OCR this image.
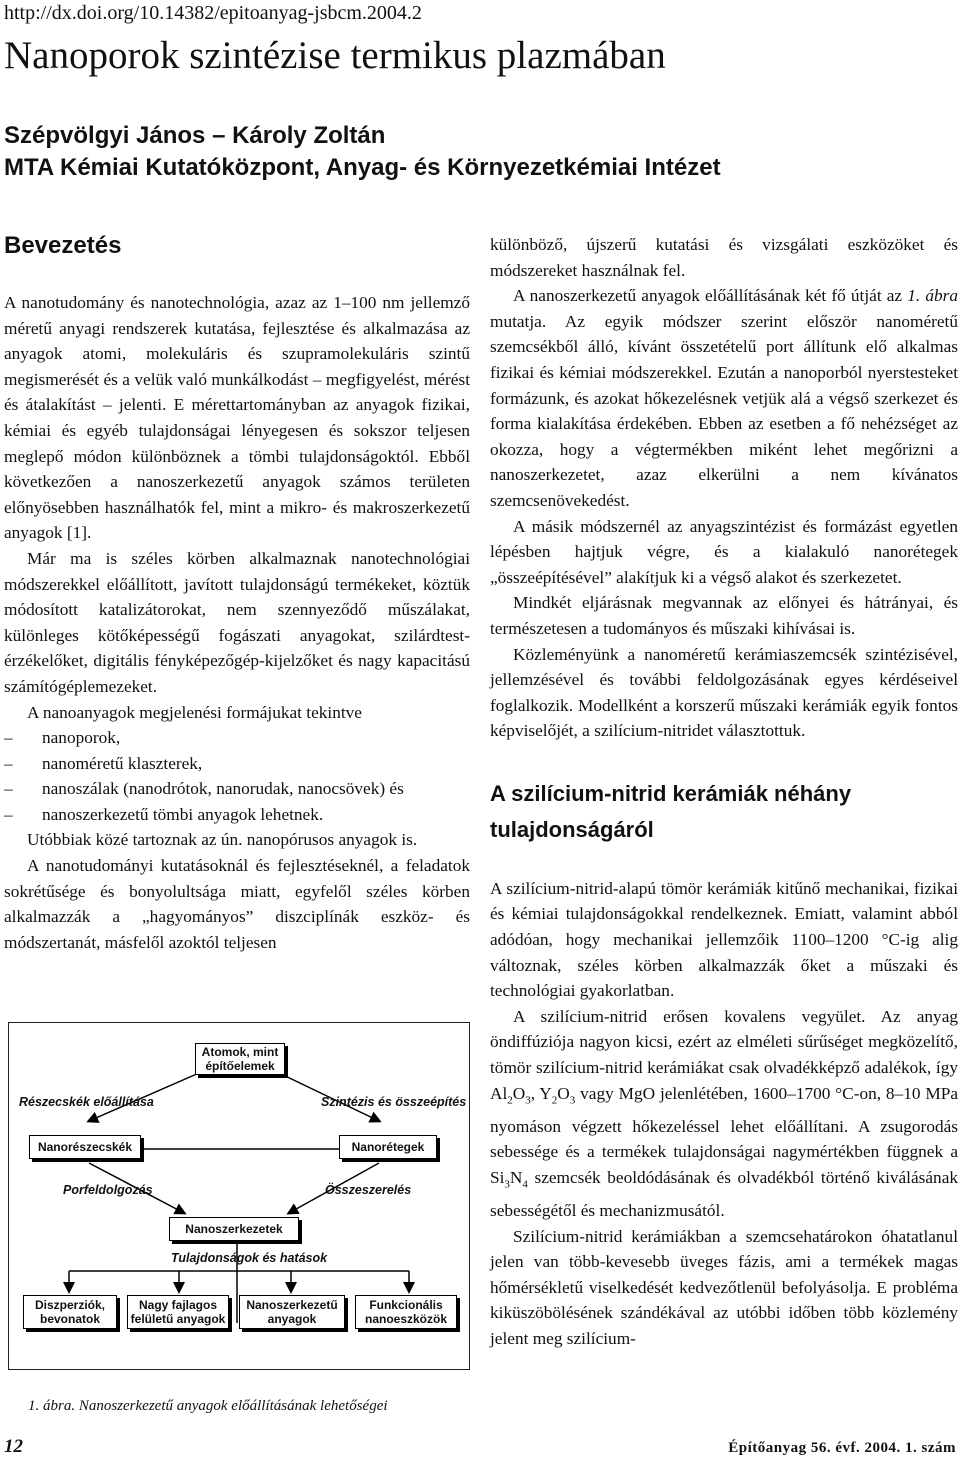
http://dx.doi.org/10.14382/epitoanyag-jsbcm.2004.2
Nanoporok szintézise termikus plazmában
Szépvölgyi János – Károly Zoltán
MTA Kémiai Kutatóközpont, Anyag- és Környezetkémiai Intézet
Bevezetés

A nanotudomány és nanotechnológia, azaz az 1–100 nm jellemző méretű anyagi rendszerek kutatása, fejlesztése és alkalmazása az anyagok atomi, molekuláris és szupramolekuláris szintű megismerését és a velük való munkálkodást – megfigyelést, mérést és átalakítást – jelenti. E mérettartományban az anyagok fizikai, kémiai és egyéb tulajdonságai lényegesen és sokszor teljesen meglepő módon különböznek a tömbi tulajdonságoktól. Ebből következően a nanoszerkezetű anyagok számos területen előnyösebben használhatók fel, mint a mikro- és makroszerkezetű anyagok [1].

Már ma is széles körben alkalmaznak nanotechnológiai módszerekkel előállított, javított tulajdonságú termékeket, köztük módosított katalizátorokat, nem szennyeződő műszálakat, különleges kötőképességű fogászati anyagokat, szilárdtest-érzékelőket, digitális fényképezőgép-kijelzőket és nagy kapacitású számítógéplemezeket.

A nanoanyagok megjelenési formájukat tekintve

–	nanoporok,
–	nanoméretű klaszterek,
–	nanoszálak (nanodrótok, nanorudak, nanocsövek) és
–	nanoszerkezetű tömbi anyagok lehetnek.

Utóbbiak közé tartoznak az ún. nanopórusos anyagok is.

A nanotudományi kutatásoknál és fejlesztéseknél, a feladatok sokrétűsége és bonyolultsága miatt, egyfelől széles körben alkalmazzák a „hagyományos” diszciplínák eszköz- és módszertanát, másfelől azoktól teljesen

Atomok, mint építőelemek
Részecskék előállítása	Szintézis és összeépítés
Nanorészecskék	Nanorétegek
Porfeldolgozás	Összeszerelés
Nanoszerkezetek
Tulajdonságok és hatások
Diszperziók, bevonatok
Nagy fajlagos felületű anyagok
Nanoszerkezetű anyagok
Funkcionális nanoeszközök
1. ábra. Nanoszerkezetű anyagok előállításának lehetőségei

különböző, újszerű kutatási és vizsgálati eszközöket és módszereket használnak fel.

A nanoszerkezetű anyagok előállításának két fő útját az 1. ábra mutatja. Az egyik módszer szerint először nanoméretű szemcsékből álló, kívánt összetételű port állítunk elő alkalmas fizikai és kémiai módszerekkel. Ezután a nanoporból nyerstesteket formázunk, és azokat hőkezelésnek vetjük alá a végső szerkezet és forma kialakítása érdekében. Ebben az esetben a fő nehézséget az okozza, hogy a végtermékben miként lehet megőrizni a nanoszerkezetet, azaz elkerülni a nem kívánatos szemcsenövekedést.

A másik módszernél az anyagszintézist és formázást egyetlen lépésben hajtjuk végre, és a kialakuló nanorétegek „összeépítésével” alakítjuk ki a végső alakot és szerkezetet.

Mindkét eljárásnak megvannak az előnyei és hátrányai, és természetesen a tudományos és műszaki kihívásai is.

Közleményünk a nanoméretű kerámiaszemcsék szintézisével, jellemzésével és további feldolgozásának egyes kérdéseivel foglalkozik. Modellként a korszerű műszaki kerámiák egyik fontos képviselőjét, a szilícium-nitridet választottuk.

A szilícium-nitrid kerámiák néhány tulajdonságáról

A szilícium-nitrid-alapú tömör kerámiák kitűnő mechanikai, fizikai és kémiai tulajdonságokkal rendelkeznek. Emiatt, valamint abból adódóan, hogy mechanikai jellemzőik 1100–1200 °C-ig alig változnak, széles körben alkalmazzák őket a műszaki és technológiai gyakorlatban.

A szilícium-nitrid erősen kovalens vegyület. Az anyag öndiffúziója nagyon kicsi, ezért az elméleti sűrűséget megközelítő, tömör szilícium-nitrid kerámiákat csak olvadékképző adalékok, így $Al_2O_3$, $Y_2O_3$ vagy MgO jelenlétében, 1600–1700 °C-on, 8–10 MPa nyomáson végzett hőkezeléssel lehet előállítani. A zsugorodás sebessége és a termékek tulajdonságai nagymértékben függnek a $Si_3N_4$ szemcsék beoldódásának és olvadékból történő kiválásának sebességétől és mechanizmusától.

Szilícium-nitrid kerámiákban a szemcsehatárokon óhatatlanul jelen van több-kevesebb üveges fázis, ami a termékek magas hőmérsékletű viselkedését kedvezőtlenül befolyásolja. E probléma kiküszöbölésének szándékával az utóbbi időben több közlemény jelent meg szilícium-

12	Építőanyag 56. évf. 2004. 1. szám
